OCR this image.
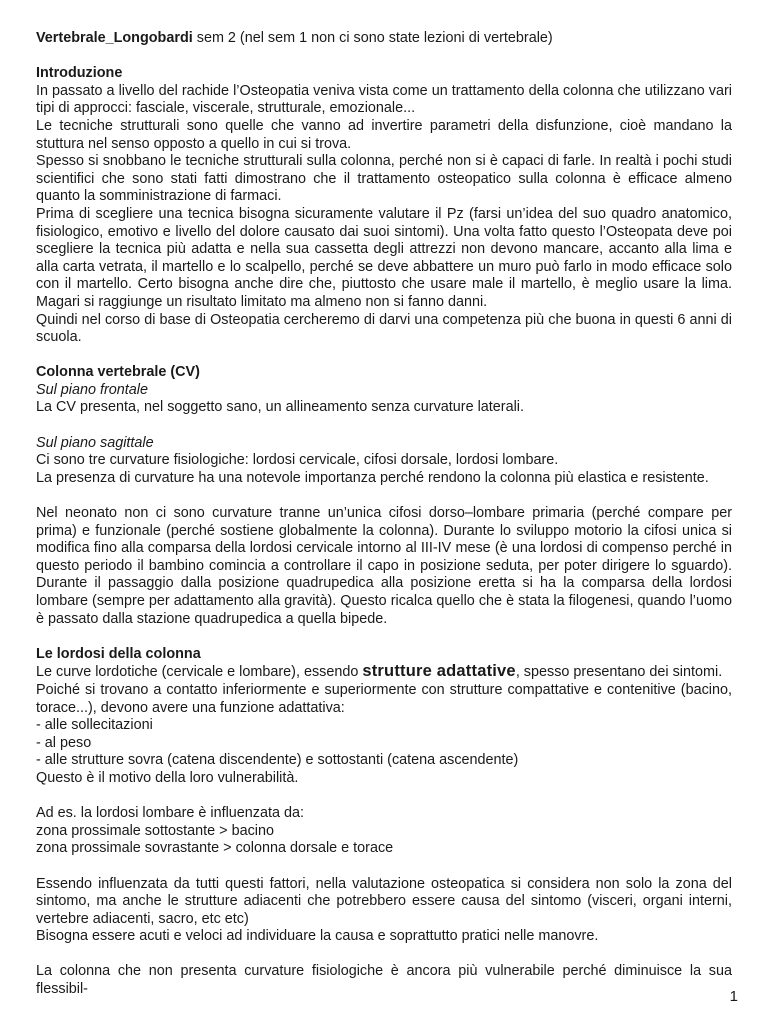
Vertebrale_Longobardi sem 2 (nel sem 1 non ci sono state lezioni di vertebrale)

Introduzione

In passato a livello del rachide l’Osteopatia veniva vista come un trattamento della colonna che utilizzano vari tipi di approcci: fasciale, viscerale, strutturale, emozionale...

Le tecniche strutturali sono quelle che vanno ad invertire parametri della disfunzione, cioè mandano la stuttura nel senso opposto a quello in cui si trova.

Spesso si snobbano le tecniche strutturali sulla colonna, perché non si è capaci di farle. In realtà i pochi studi scientifici che sono stati fatti dimostrano che il trattamento osteopatico sulla colonna è efficace almeno quanto la somministrazione di farmaci.

Prima di scegliere una tecnica bisogna sicuramente valutare il Pz (farsi un’idea del suo quadro anatomico, fisiologico, emotivo e livello del dolore causato dai suoi sintomi). Una volta fatto questo l’Osteopata deve poi scegliere la tecnica più adatta e nella sua cassetta degli attrezzi non devono mancare, accanto alla lima e alla carta vetrata, il martello e lo scalpello, perché se deve abbattere un muro può farlo in modo efficace solo con il martello. Certo bisogna anche dire che, piuttosto che usare male il martello, è meglio usare la lima. Magari si raggiunge un risultato limitato ma almeno non si fanno danni.

Quindi nel corso di base di Osteopatia cercheremo di darvi una competenza più che buona in questi 6 anni di scuola.

Colonna vertebrale (CV)

Sul piano frontale

La CV presenta, nel soggetto sano, un allineamento senza curvature laterali.

Sul piano sagittale

Ci sono tre curvature fisiologiche: lordosi cervicale, cifosi dorsale, lordosi lombare.

La presenza di curvature ha una notevole importanza perché rendono la colonna più elastica e resistente.

Nel neonato non ci sono curvature tranne un’unica cifosi dorso–lombare primaria (perché compare per prima) e funzionale (perché sostiene globalmente la colonna). Durante lo sviluppo motorio la cifosi unica si modifica fino alla comparsa della lordosi cervicale intorno al III-IV mese (è una lordosi di compenso perché in questo periodo il bambino comincia a controllare il capo in posizione seduta, per poter dirigere lo sguardo). Durante il passaggio dalla posizione quadrupedica alla posizione eretta si ha la comparsa della lordosi lombare (sempre per adattamento alla gravità). Questo ricalca quello che è stata la filogenesi, quando l’uomo è passato dalla stazione quadrupedica a quella bipede.

Le lordosi della colonna

Le curve lordotiche (cervicale e lombare), essendo strutture adattative, spesso presentano dei sintomi.

Poiché si trovano a contatto inferiormente e superiormente con strutture compattative e contenitive (bacino, torace...), devono avere una funzione adattativa:

- alle sollecitazioni

- al peso

- alle strutture sovra (catena discendente) e sottostanti (catena ascendente)

Questo è il motivo della loro vulnerabilità.

Ad es. la lordosi lombare è influenzata da:

zona prossimale sottostante > bacino

zona prossimale sovrastante > colonna dorsale e torace

Essendo influenzata da tutti questi fattori, nella valutazione osteopatica si considera non solo la zona del sintomo, ma anche le strutture adiacenti che potrebbero essere causa del sintomo (visceri, organi interni, vertebre adiacenti, sacro, etc etc)

Bisogna essere acuti e veloci ad individuare la causa e soprattutto pratici nelle manovre.

La colonna che non presenta curvature fisiologiche è ancora più vulnerabile perché diminuisce la sua flessibil-	1
